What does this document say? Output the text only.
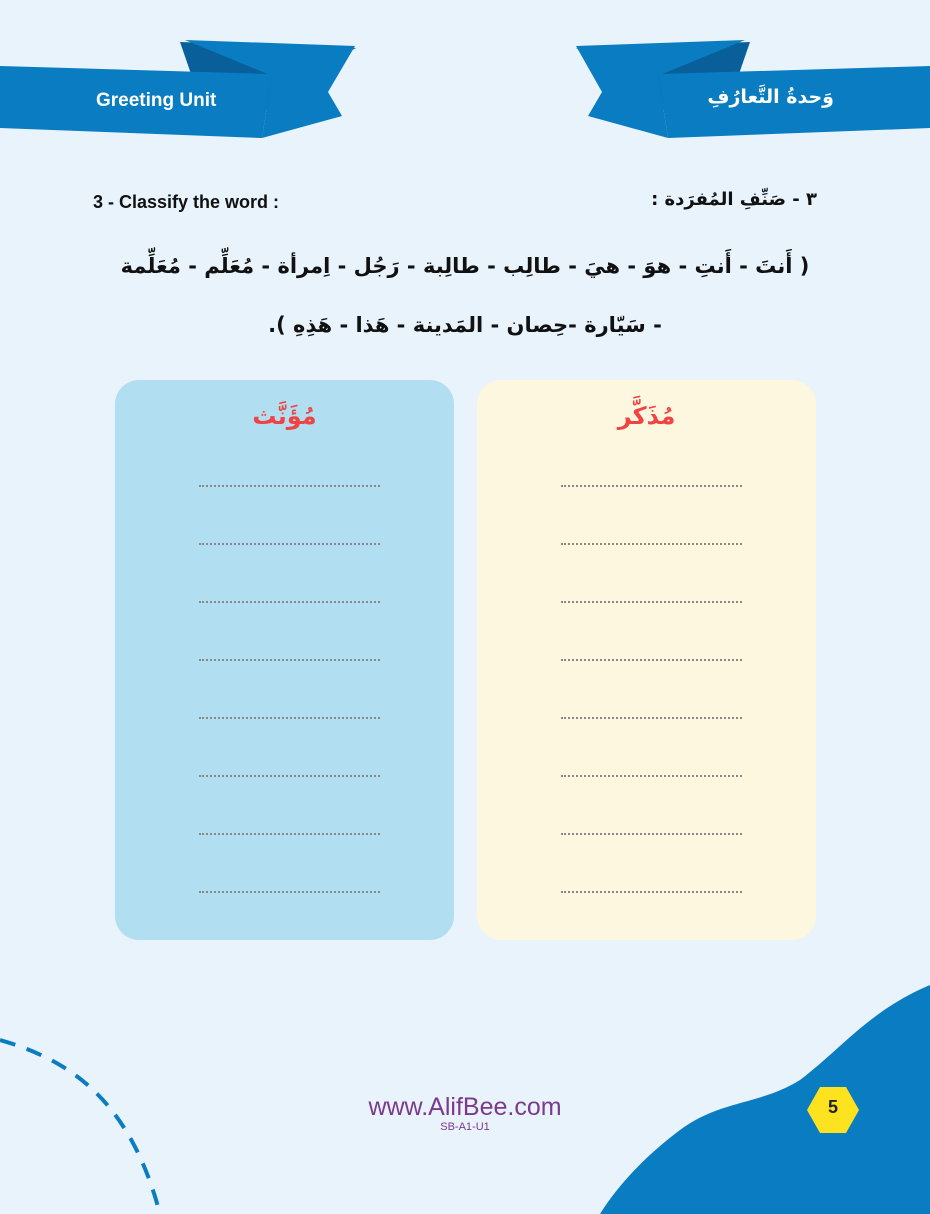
Greeting Unit	وَحدةُ التَّعارُفِ
3 - Classify the word :	٣ - صَنِّفِ المُفرَدة :
( أَنتَ - أَنتِ - هوَ - هيَ - طالِب - طالِبة - رَجُل - اِمرأة - مُعَلِّم - مُعَلِّمة
- سَيّارة -حِصان - المَدينة - هَذا - هَذِهِ ).
مُؤَنَّث	مُذَكَّر
www.AlifBee.com
SB-A1-U1
5
